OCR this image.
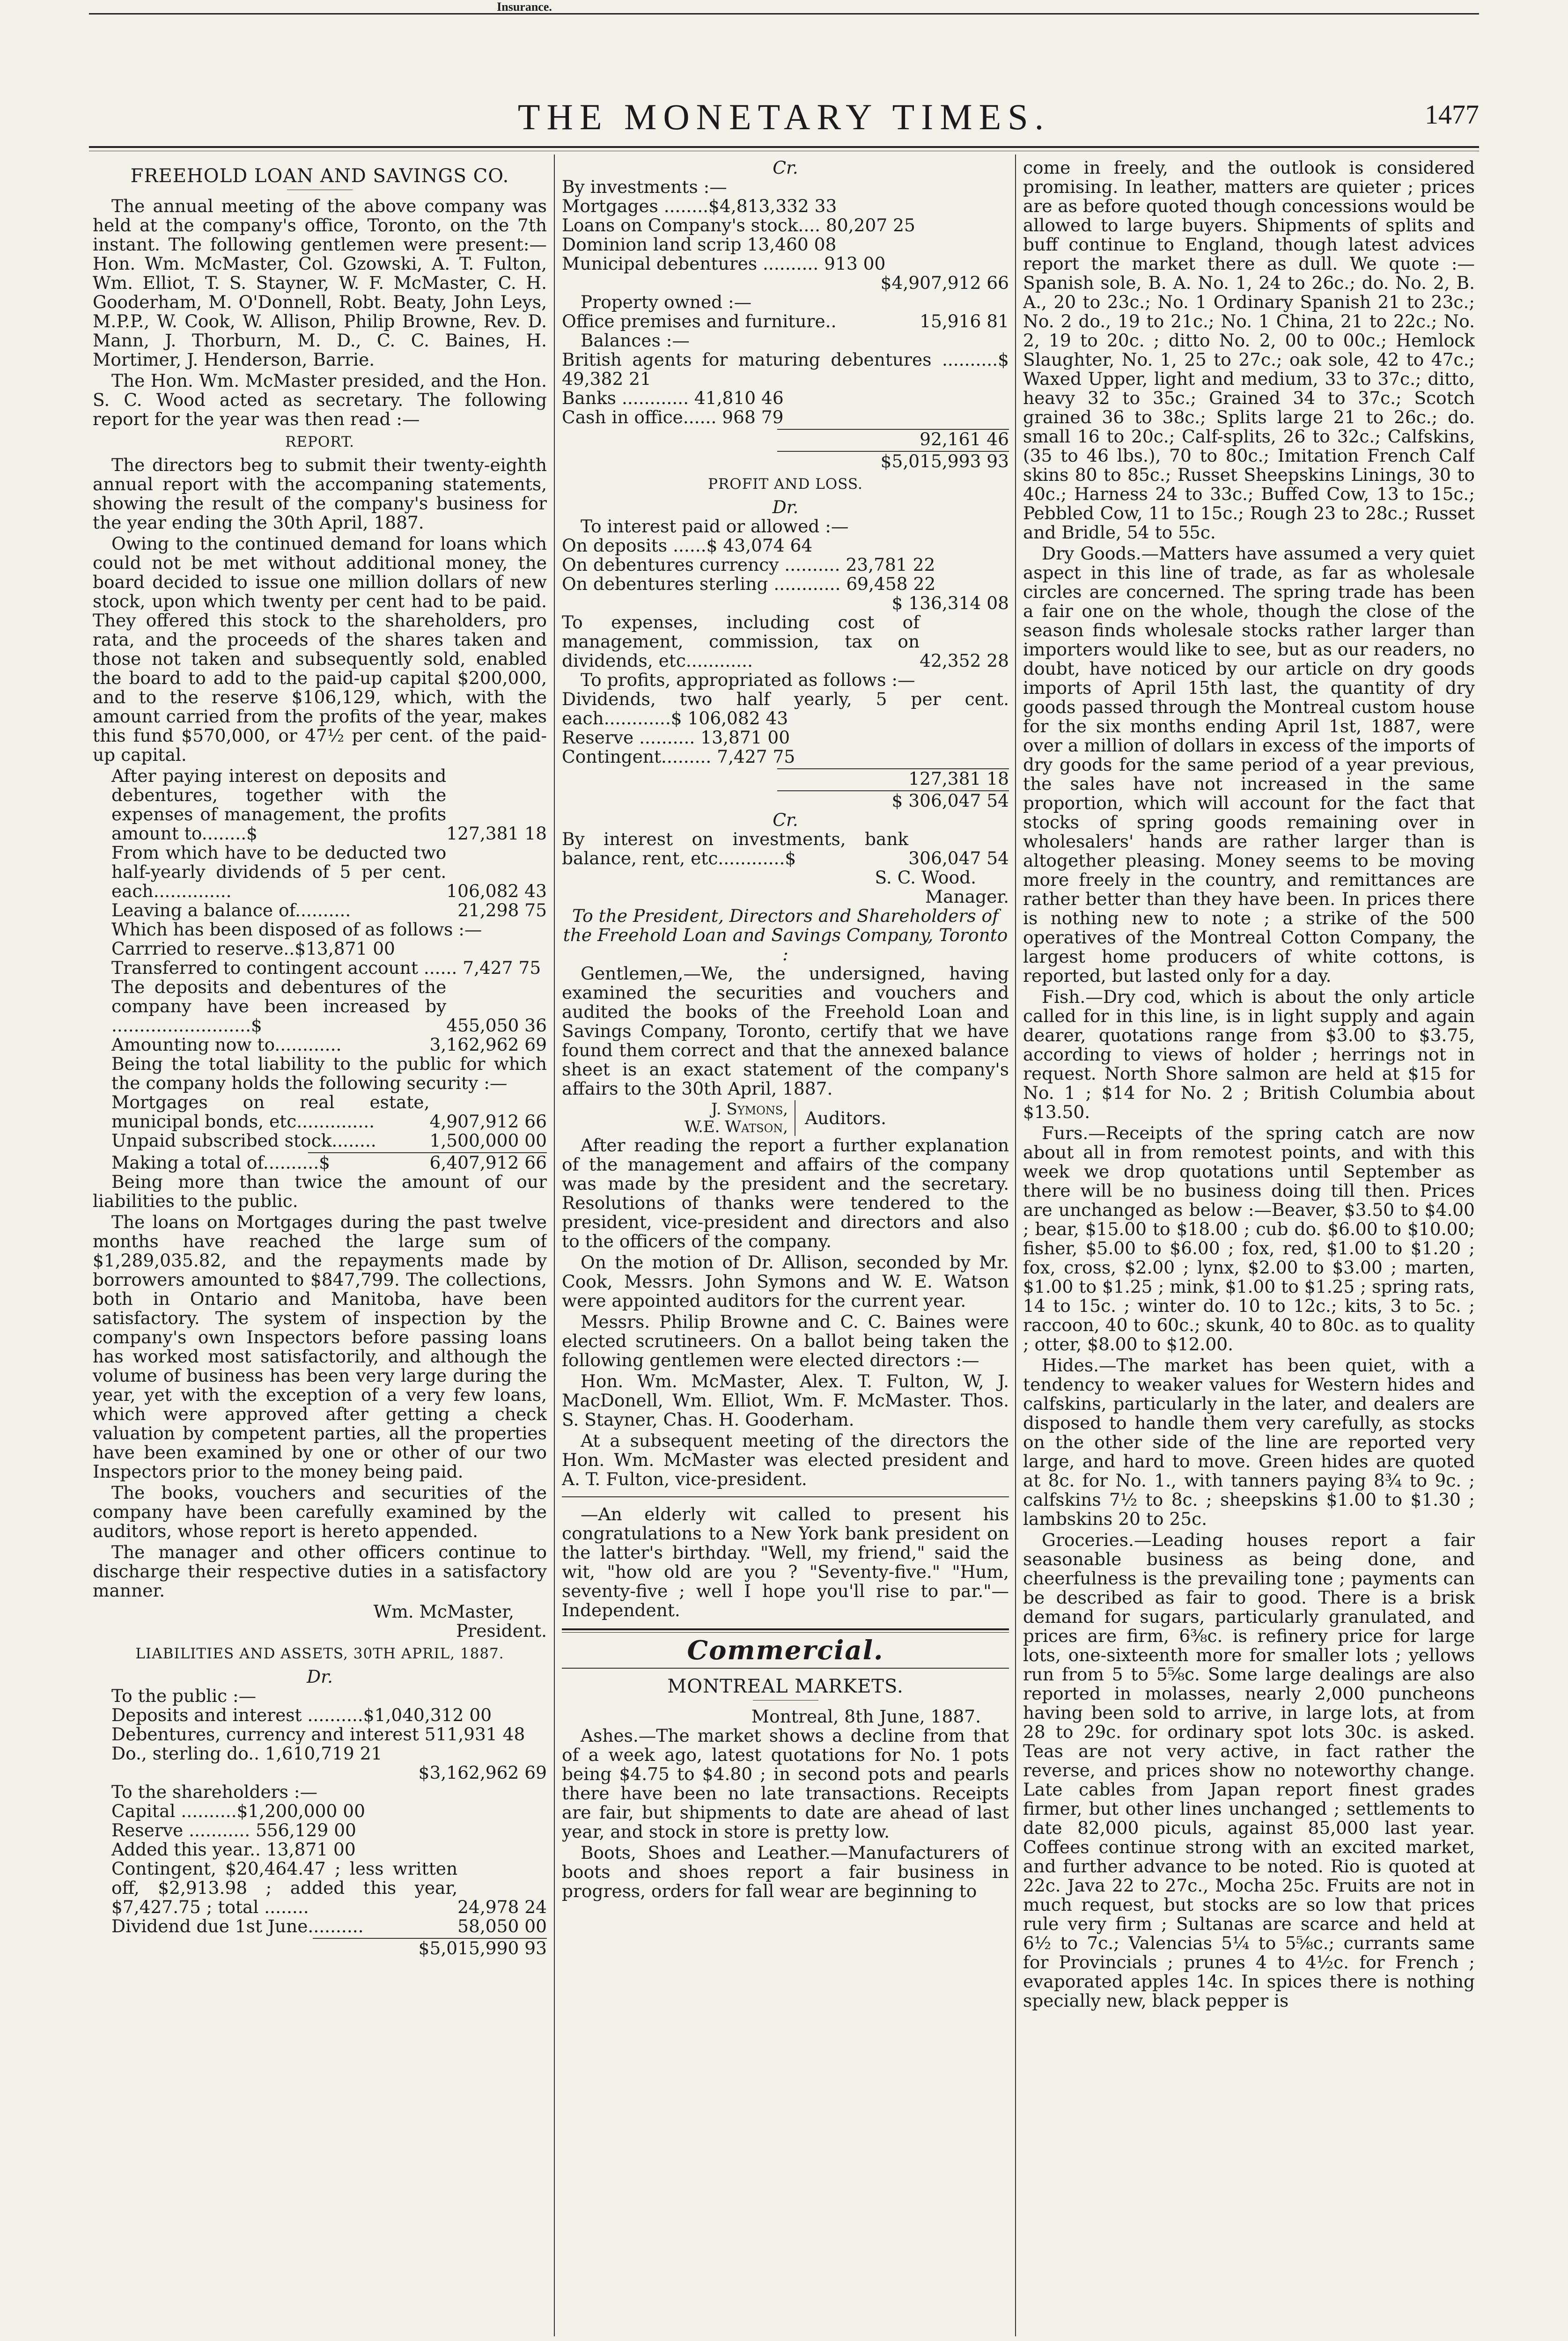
Insurance.
THE MONETARY TIMES.	1477
FREEHOLD LOAN AND SAVINGS CO.

The annual meeting of the above company was held at the company's office, Toronto, on the 7th instant. The following gentlemen were present:—Hon. Wm. McMaster, Col. Gzowski, A. T. Fulton, Wm. Elliot, T. S. Stayner, W. F. McMaster, C. H. Gooderham, M. O'Donnell, Robt. Beaty, John Leys, M.P.P., W. Cook, W. Allison, Philip Browne, Rev. D. Mann, J. Thorburn, M. D., C. C. Baines, H. Mortimer, J. Henderson, Barrie.

The Hon. Wm. McMaster presided, and the Hon. S. C. Wood acted as secretary. The following report for the year was then read :—

REPORT.

The directors beg to submit their twenty-eighth annual report with the accompaning statements, showing the result of the company's business for the year ending the 30th April, 1887.

Owing to the continued demand for loans which could not be met without additional money, the board decided to issue one million dollars of new stock, upon which twenty per cent had to be paid. They offered this stock to the shareholders, pro rata, and the proceeds of the shares taken and those not taken and subsequently sold, enabled the board to add to the paid-up capital $200,000, and to the reserve $106,129, which, with the amount carried from the profits of the year, makes this fund $570,000, or 47½ per cent. of the paid-up capital.

After paying interest on deposits and debentures, together with the expenses of management, the profits amount to........$	127,381 18
From which have to be deducted two half-yearly dividends of 5 per cent. each..............	106,082 43
Leaving a balance of..........	21,298 75
Which has been disposed of as follows :—
Carrried to reserve..$13,871 00
Transferred to contingent account ...... 7,427 75
The deposits and debentures of the company have been increased by .........................$	455,050 36
Amounting now to............	3,162,962 69
Being the total liability to the public for which the company holds the following security :—
Mortgages on real estate, municipal bonds, etc..............	4,907,912 66
Unpaid subscribed stock........	1,500,000 00
Making a total of..........$	6,407,912 66

Being more than twice the amount of our liabilities to the public.

The loans on Mortgages during the past twelve months have reached the large sum of $1,289,035.82, and the repayments made by borrowers amounted to $847,799. The collections, both in Ontario and Manitoba, have been satisfactory. The system of inspection by the company's own Inspectors before passing loans has worked most satisfactorily, and although the volume of business has been very large during the year, yet with the exception of a very few loans, which were approved after getting a check valuation by competent parties, all the properties have been examined by one or other of our two Inspectors prior to the money being paid.

The books, vouchers and securities of the company have been carefully examined by the auditors, whose report is hereto appended.

The manager and other officers continue to discharge their respective duties in a satisfactory manner.

Wm. McMaster,
President.
LIABILITIES AND ASSETS, 30TH APRIL, 1887.
Dr.
To the public :—
Deposits and interest ..........$1,040,312 00
Debentures, currency and interest 511,931 48
Do., sterling do.. 1,610,719 21
$3,162,962 69
To the shareholders :—
Capital ..........$1,200,000 00
Reserve ........... 556,129 00
Added this year.. 13,871 00
Contingent, $20,464.47 ; less written off, $2,913.98 ; added this year, $7,427.75 ; total ........	24,978 24
Dividend due 1st June..........	58,050 00
$5,015,990 93
Cr.
By investments :—
Mortgages ........$4,813,332 33
Loans on Company's stock.... 80,207 25
Dominion land scrip 13,460 08
Municipal debentures .......... 913 00
$4,907,912 66
Property owned :—
Office premises and furniture..	15,916 81
Balances :—
British agents for maturing debentures ..........$ 49,382 21
Banks ............ 41,810 46
Cash in office...... 968 79
92,161 46
$5,015,993 93
PROFIT AND LOSS.
Dr.
To interest paid or allowed :—
On deposits ......$ 43,074 64
On debentures currency .......... 23,781 22
On debentures sterling ............ 69,458 22
$ 136,314 08
To expenses, including cost of management, commission, tax on dividends, etc............	42,352 28
To profits, appropriated as follows :—
Dividends, two half yearly, 5 per cent. each............$ 106,082 43
Reserve .......... 13,871 00
Contingent......... 7,427 75
127,381 18
$ 306,047 54
Cr.
By interest on investments, bank balance, rent, etc............$	306,047 54
S. C. Wood.
Manager.
To the President, Directors and Shareholders of the Freehold Loan and Savings Company, Toronto :

Gentlemen,—We, the undersigned, having examined the securities and vouchers and audited the books of the Freehold Loan and Savings Company, Toronto, certify that we have found them correct and that the annexed balance sheet is an exact statement of the company's affairs to the 30th April, 1887.

J. Symons,
W.E. Watson, Auditors.

After reading the report a further explanation of the management and affairs of the company was made by the president and the secretary. Resolutions of thanks were tendered to the president, vice-president and directors and also to the officers of the company.

On the motion of Dr. Allison, seconded by Mr. Cook, Messrs. John Symons and W. E. Watson were appointed auditors for the current year.

Messrs. Philip Browne and C. C. Baines were elected scrutineers. On a ballot being taken the following gentlemen were elected directors :—

Hon. Wm. McMaster, Alex. T. Fulton, W, J. MacDonell, Wm. Elliot, Wm. F. McMaster. Thos. S. Stayner, Chas. H. Gooderham.

At a subsequent meeting of the directors the Hon. Wm. McMaster was elected president and A. T. Fulton, vice-president.

—An elderly wit called to present his congratulations to a New York bank president on the latter's birthday. "Well, my friend," said the wit, "how old are you ? "Seventy-five." "Hum, seventy-five ; well I hope you'll rise to par."—Independent.

Commercial.
MONTREAL MARKETS.
Montreal, 8th June, 1887.

Ashes.—The market shows a decline from that of a week ago, latest quotations for No. 1 pots being $4.75 to $4.80 ; in second pots and pearls there have been no late transactions. Receipts are fair, but shipments to date are ahead of last year, and stock in store is pretty low.

Boots, Shoes and Leather.—Manufacturers of boots and shoes report a fair business in progress, orders for fall wear are beginning to

come in freely, and the outlook is considered promising. In leather, matters are quieter ; prices are as before quoted though concessions would be allowed to large buyers. Shipments of splits and buff continue to England, though latest advices report the market there as dull. We quote :—Spanish sole, B. A. No. 1, 24 to 26c.; do. No. 2, B. A., 20 to 23c.; No. 1 Ordinary Spanish 21 to 23c.; No. 2 do., 19 to 21c.; No. 1 China, 21 to 22c.; No. 2, 19 to 20c. ; ditto No. 2, 00 to 00c.; Hemlock Slaughter, No. 1, 25 to 27c.; oak sole, 42 to 47c.; Waxed Upper, light and medium, 33 to 37c.; ditto, heavy 32 to 35c.; Grained 34 to 37c.; Scotch grained 36 to 38c.; Splits large 21 to 26c.; do. small 16 to 20c.; Calf-splits, 26 to 32c.; Calfskins, (35 to 46 lbs.), 70 to 80c.; Imitation French Calf skins 80 to 85c.; Russet Sheepskins Linings, 30 to 40c.; Harness 24 to 33c.; Buffed Cow, 13 to 15c.; Pebbled Cow, 11 to 15c.; Rough 23 to 28c.; Russet and Bridle, 54 to 55c.

Dry Goods.—Matters have assumed a very quiet aspect in this line of trade, as far as wholesale circles are concerned. The spring trade has been a fair one on the whole, though the close of the season finds wholesale stocks rather larger than importers would like to see, but as our readers, no doubt, have noticed by our article on dry goods imports of April 15th last, the quantity of dry goods passed through the Montreal custom house for the six months ending April 1st, 1887, were over a million of dollars in excess of the imports of dry goods for the same period of a year previous, the sales have not increased in the same proportion, which will account for the fact that stocks of spring goods remaining over in wholesalers' hands are rather larger than is altogether pleasing. Money seems to be moving more freely in the country, and remittances are rather better than they have been. In prices there is nothing new to note ; a strike of the 500 operatives of the Montreal Cotton Company, the largest home producers of white cottons, is reported, but lasted only for a day.

Fish.—Dry cod, which is about the only article called for in this line, is in light supply and again dearer, quotations range from $3.00 to $3.75, according to views of holder ; herrings not in request. North Shore salmon are held at $15 for No. 1 ; $14 for No. 2 ; British Columbia about $13.50.

Furs.—Receipts of the spring catch are now about all in from remotest points, and with this week we drop quotations until September as there will be no business doing till then. Prices are unchanged as below :—Beaver, $3.50 to $4.00 ; bear, $15.00 to $18.00 ; cub do. $6.00 to $10.00; fisher, $5.00 to $6.00 ; fox, red, $1.00 to $1.20 ; fox, cross, $2.00 ; lynx, $2.00 to $3.00 ; marten, $1.00 to $1.25 ; mink, $1.00 to $1.25 ; spring rats, 14 to 15c. ; winter do. 10 to 12c.; kits, 3 to 5c. ; raccoon, 40 to 60c.; skunk, 40 to 80c. as to quality ; otter, $8.00 to $12.00.

Hides.—The market has been quiet, with a tendency to weaker values for Western hides and calfskins, particularly in the later, and dealers are disposed to handle them very carefully, as stocks on the other side of the line are reported very large, and hard to move. Green hides are quoted at 8c. for No. 1., with tanners paying 8¾ to 9c. ; calfskins 7½ to 8c. ; sheepskins $1.00 to $1.30 ; lambskins 20 to 25c.

Groceries.—Leading houses report a fair seasonable business as being done, and cheerfulness is the prevailing tone ; payments can be described as fair to good. There is a brisk demand for sugars, particularly granulated, and prices are firm, 6⅜c. is refinery price for large lots, one-sixteenth more for smaller lots ; yellows run from 5 to 5⅝c. Some large dealings are also reported in molasses, nearly 2,000 puncheons having been sold to arrive, in large lots, at from 28 to 29c. for ordinary spot lots 30c. is asked. Teas are not very active, in fact rather the reverse, and prices show no noteworthy change. Late cables from Japan report finest grades firmer, but other lines unchanged ; settlements to date 82,000 piculs, against 85,000 last year. Coffees continue strong with an excited market, and further advance to be noted. Rio is quoted at 22c. Java 22 to 27c., Mocha 25c. Fruits are not in much request, but stocks are so low that prices rule very firm ; Sultanas are scarce and held at 6½ to 7c.; Valencias 5¼ to 5⅝c.; currants same for Provincials ; prunes 4 to 4½c. for French ; evaporated apples 14c. In spices there is nothing specially new, black pepper is
